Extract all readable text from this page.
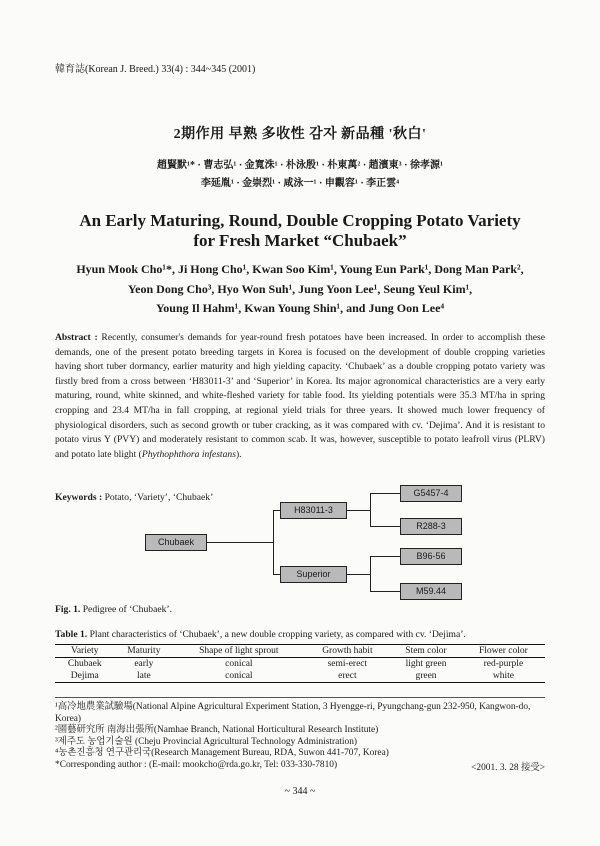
韓育誌(Korean J. Breed.) 33(4) : 344~345 (2001)
2期作用 早熟 多收性 감자 新品種 '秋白'
趙賢默¹* · 曹志弘¹ · 金寬洙¹ · 朴泳殷¹ · 朴東萬² · 趙濱東³ · 徐孝源¹
李延胤¹ · 金崇烈¹ · 咸泳一¹ · 申觀容¹ · 李正雲⁴
An Early Maturing, Round, Double Cropping Potato Variety
for Fresh Market “Chubaek”
Hyun Mook Cho¹*, Ji Hong Cho¹, Kwan Soo Kim¹, Young Eun Park¹, Dong Man Park²,
Yeon Dong Cho³, Hyo Won Suh¹, Jung Yoon Lee¹, Seung Yeul Kim¹,
Young Il Hahm¹, Kwan Young Shin¹, and Jung Oon Lee⁴
Abstract : Recently, consumer's demands for year-round fresh potatoes have been increased. In order to accomplish these demands, one of the present potato breeding targets in Korea is focused on the development of double cropping varieties having short tuber dormancy, earlier maturity and high yielding capacity. ‘Chubaek’ as a double cropping potato variety was firstly bred from a cross between ‘H83011-3’ and ‘Superior’ in Korea. Its major agronomical characteristics are a very early maturing, round, white skinned, and white-fleshed variety for table food. Its yielding potentials were 35.3 MT/ha in spring cropping and 23.4 MT/ha in fall cropping, at regional yield trials for three years. It showed much lower frequency of physiological disorders, such as second growth or tuber cracking, as it was compared with cv. ‘Dejima’. And it is resistant to potato virus Y (PVY) and moderately resistant to common scab. It was, however, susceptible to potato leafroll virus (PLRV) and potato late blight (Phythophthora infestans).
Keywords : Potato, ‘Variety’, ‘Chubaek’
Chubaek
H83011-3
Superior
G5457-4
R288-3
B96-56
M59.44
Fig. 1. Pedigree of ‘Chubaek’.
Table 1. Plant characteristics of ‘Chubaek’, a new double cropping variety, as compared with cv. ‘Dejima’.
Variety	Maturity	Shape of light sprout	Growth habit	Stem color	Flower color
Chubaek	early	conical	semi-erect	light green	red-purple
Dejima	late	conical	erect	green	white
¹高冷地農業試驗場(National Alpine Agricultural Experiment Station, 3 Hyengge-ri, Pyungchang-gun 232-950, Kangwon-do, Korea)
²園藝研究所 南海出張所(Namhae Branch, National Horticultural Research Institute)
³제주도 농업기술원 (Cheju Provincial Agricultural Technology Administration)
⁴농촌진흥청 연구관리국(Research Management Bureau, RDA, Suwon 441-707, Korea)
*Corresponding author : (E-mail: mookcho@rda.go.kr, Tel: 033-330-7810)	<2001. 3. 28 接受>
~ 344 ~
